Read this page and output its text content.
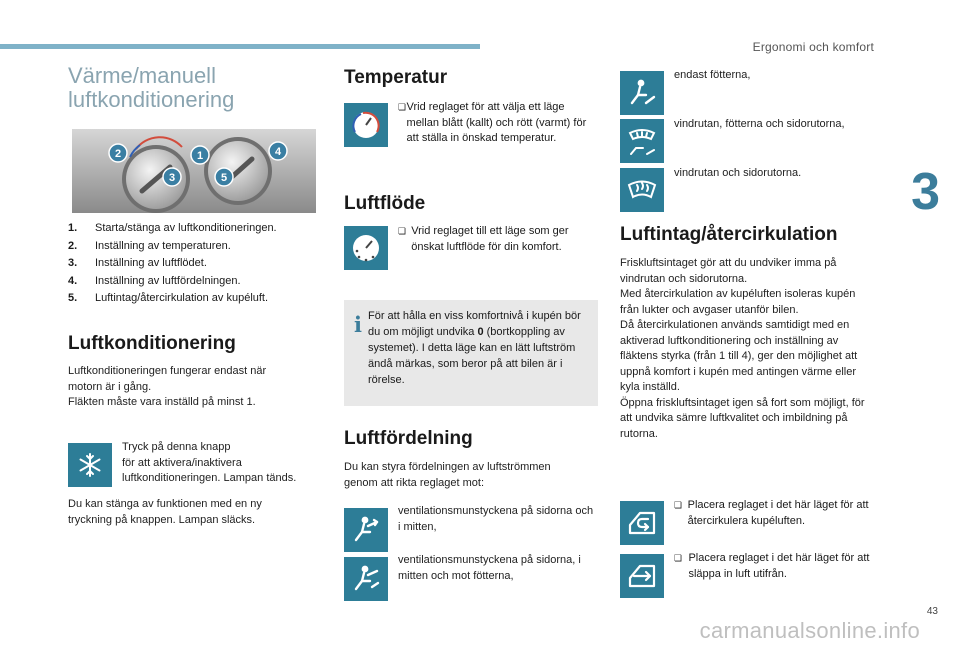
Ergonomi och komfort
3
43
carmanualsonline.info
Värme/manuell
luftkonditionering
2	1
3
4
5
1.	Starta/stänga av luftkonditioneringen.
2.	Inställning av temperaturen.
3.	Inställning av luftflödet.
4.	Inställning av luftfördelningen.
5.	Luftintag/återcirkulation av kupéluft.
Luftkonditionering
Luftkonditioneringen fungerar endast när
motorn är i gång.
Fläkten måste vara inställd på minst 1.
Tryck på denna knapp
för att aktivera/inaktivera
luftkonditioneringen. Lampan tänds.
Du kan stänga av funktionen med en ny
tryckning på knappen. Lampan släcks.
Temperatur
❏ Vrid reglaget för att välja ett läge mellan blått (kallt) och rött (varmt) för att ställa in önskad temperatur.
Luftflöde
❏ Vrid reglaget till ett läge som ger önskat luftflöde för din komfort.
i För att hålla en viss komfortnivå i kupén bör du om möjligt undvika 0 (bortkoppling av systemet). I detta läge kan en lätt luftström ändå märkas, som beror på att bilen är i rörelse.
Luftfördelning
Du kan styra fördelningen av luftströmmen genom att rikta reglaget mot:
ventilationsmunstyckena på sidorna och i mitten,
ventilationsmunstyckena på sidorna, i mitten och mot fötterna,
endast fötterna,
vindrutan, fötterna och sidorutorna,
vindrutan och sidorutorna.
Luftintag/återcirkulation
Friskluftsintaget gör att du undviker imma på vindrutan och sidorutorna.
Med återcirkulation av kupéluften isoleras kupén från lukter och avgaser utanför bilen.
Då återcirkulationen används samtidigt med en aktiverad luftkonditionering och inställning av fläktens styrka (från 1 till 4), ger den möjlighet att uppnå komfort i kupén med antingen värme eller kyla inställd.
Öppna friskluftsintaget igen så fort som möjligt, för att undvika sämre luftkvalitet och imbildning på rutorna.
❏ Placera reglaget i det här läget för att återcirkulera kupéluften.
❏ Placera reglaget i det här läget för att släppa in luft utifrån.
